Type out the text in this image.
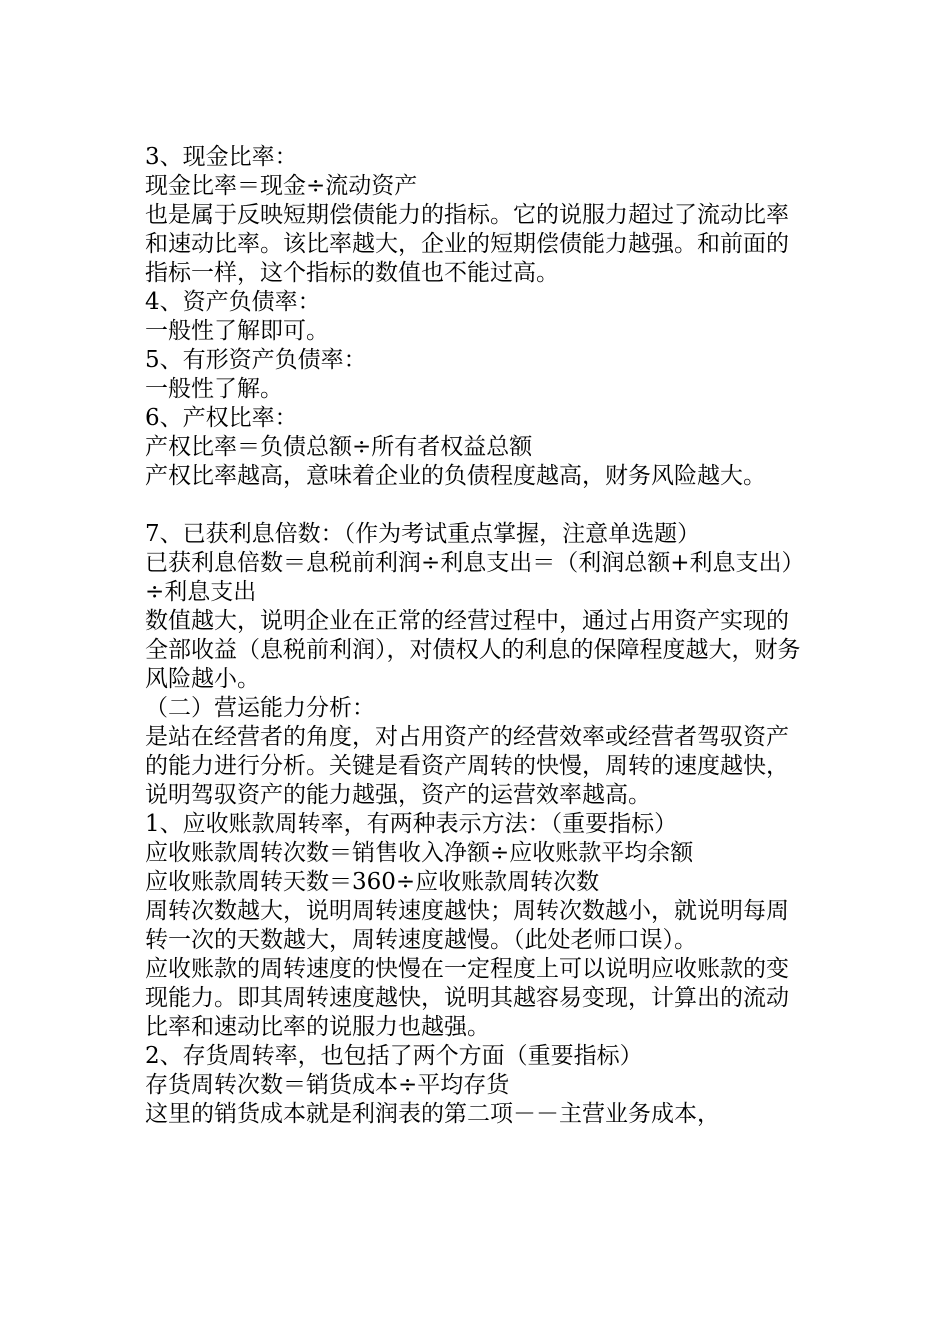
3、现金比率：

现金比率＝现金÷流动资产

也是属于反映短期偿债能力的指标。它的说服力超过了流动比率和速动比率。该比率越大，企业的短期偿债能力越强。和前面的指标一样，这个指标的数值也不能过高。

4、资产负债率：

一般性了解即可。

5、有形资产负债率：

一般性了解。

6、产权比率：

产权比率＝负债总额÷所有者权益总额

产权比率越高，意味着企业的负债程度越高，财务风险越大。

7、已获利息倍数：（作为考试重点掌握，注意单选题）

已获利息倍数＝息税前利润÷利息支出＝（利润总额+利息支出）÷利息支出

数值越大，说明企业在正常的经营过程中，通过占用资产实现的全部收益（息税前利润），对债权人的利息的保障程度越大，财务风险越小。

（二）营运能力分析：

是站在经营者的角度，对占用资产的经营效率或经营者驾驭资产的能力进行分析。关键是看资产周转的快慢，周转的速度越快，说明驾驭资产的能力越强，资产的运营效率越高。

1、应收账款周转率，有两种表示方法：（重要指标）

应收账款周转次数＝销售收入净额÷应收账款平均余额

应收账款周转天数＝360÷应收账款周转次数

周转次数越大，说明周转速度越快；周转次数越小，就说明每周转一次的天数越大，周转速度越慢。（此处老师口误）。

应收账款的周转速度的快慢在一定程度上可以说明应收账款的变现能力。即其周转速度越快，说明其越容易变现，计算出的流动比率和速动比率的说服力也越强。

2、存货周转率，也包括了两个方面（重要指标）

存货周转次数＝销货成本÷平均存货

这里的销货成本就是利润表的第二项－－主营业务成本，
